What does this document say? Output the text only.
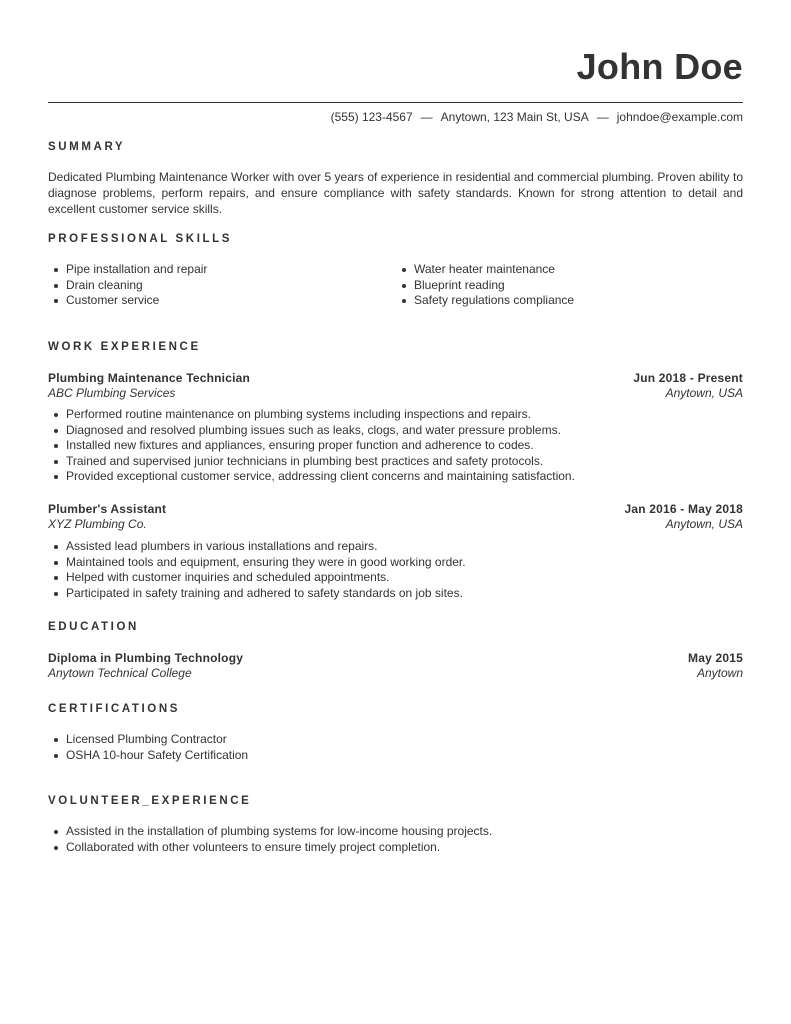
John Doe
(555) 123-4567 — Anytown, 123 Main St, USA — johndoe@example.com
SUMMARY
Dedicated Plumbing Maintenance Worker with over 5 years of experience in residential and commercial plumbing. Proven ability to diagnose problems, perform repairs, and ensure compliance with safety standards. Known for strong attention to detail and excellent customer service skills.
PROFESSIONAL SKILLS
Pipe installation and repair
Drain cleaning
Customer service
Water heater maintenance
Blueprint reading
Safety regulations compliance
WORK EXPERIENCE
Plumbing Maintenance Technician	Jun 2018 - Present
ABC Plumbing Services	Anytown, USA
Performed routine maintenance on plumbing systems including inspections and repairs.
Diagnosed and resolved plumbing issues such as leaks, clogs, and water pressure problems.
Installed new fixtures and appliances, ensuring proper function and adherence to codes.
Trained and supervised junior technicians in plumbing best practices and safety protocols.
Provided exceptional customer service, addressing client concerns and maintaining satisfaction.
Plumber's Assistant	Jan 2016 - May 2018
XYZ Plumbing Co.	Anytown, USA
Assisted lead plumbers in various installations and repairs.
Maintained tools and equipment, ensuring they were in good working order.
Helped with customer inquiries and scheduled appointments.
Participated in safety training and adhered to safety standards on job sites.
EDUCATION
Diploma in Plumbing Technology	May 2015
Anytown Technical College	Anytown
CERTIFICATIONS
Licensed Plumbing Contractor
OSHA 10-hour Safety Certification
VOLUNTEER_EXPERIENCE
Assisted in the installation of plumbing systems for low-income housing projects.
Collaborated with other volunteers to ensure timely project completion.
